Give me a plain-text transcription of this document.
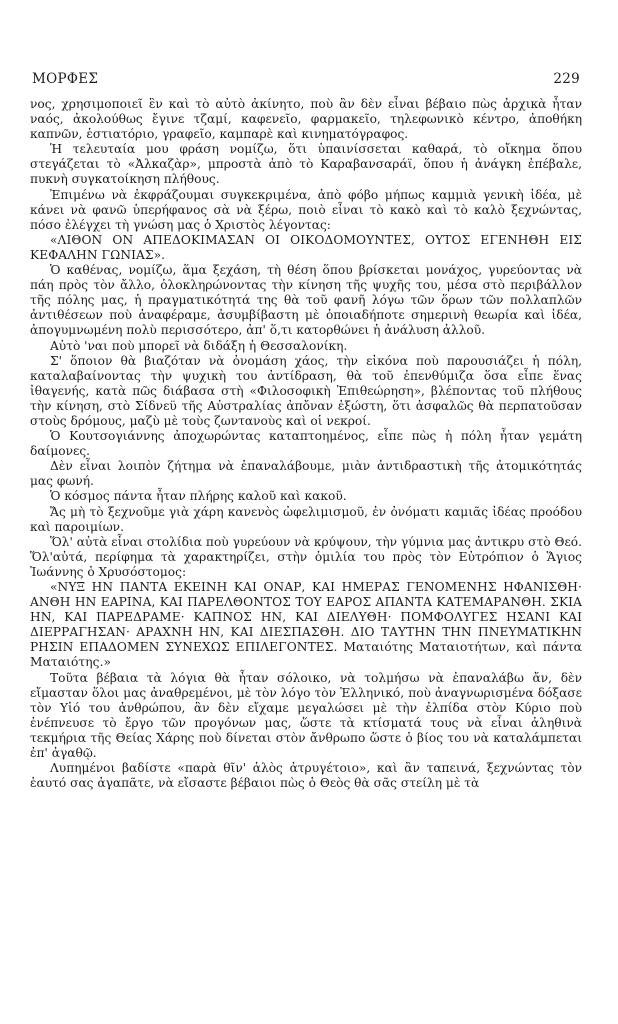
ΜΟΡΦΕΣ	229

νος, χρησιμοποιεῖ ἓν καὶ τὸ αὐτὸ ἀκίνητο, ποὺ ἂν δὲν εἶναι βέβαιο πὼς ἀρχικὰ ἦταν ναός, ἀκολούθως ἔγινε τζαμί, καφενεῖο, φαρμακεῖο, τηλεφωνικὸ κέντρο, ἀποθήκη καπνῶν, ἑστιατόριο, γραφεῖο, καμπαρὲ καὶ κινηματόγραφος.

Ἡ τελευταία μου φράση νομίζω, ὅτι ὑπαινίσσεται καθαρά, τὸ οἴκημα ὅπου στεγάζεται τὸ «Ἀλκαζὰρ», μπροστὰ ἀπὸ τὸ Καραβανσαράϊ, ὅπου ἡ ἀνάγκη ἐπέβαλε, πυκνὴ συγκατοίκηση πλήθους.

Ἐπιμένω νὰ ἐκφράζουμαι συγκεκριμένα, ἀπὸ φόβο μήπως καμμιὰ γενικὴ ἰδέα, μὲ κάνει νὰ φανῶ ὑπερήφανος σὰ νὰ ξέρω, ποιὸ εἶναι τὸ κακὸ καὶ τὸ καλὸ ξεχνώντας, πόσο ἐλέγχει τὴ γνώση μας ὁ Χριστὸς λέγοντας:

«ΛΙΘΟΝ ΟΝ ΑΠΕΔΟΚΙΜΑΣΑΝ ΟΙ ΟΙΚΟΔΟΜΟΥΝΤΕΣ, ΟΥΤΟΣ ΕΓΕΝΗΘΗ ΕΙΣ ΚΕΦΑΛΗΝ ΓΩΝΙΑΣ».

Ὁ καθένας, νομίζω, ἅμα ξεχάση, τὴ θέση ὅπου βρίσκεται μονάχος, γυρεύοντας νὰ πάη πρὸς τὸν ἄλλο, ὁλοκληρώνοντας τὴν κίνηση τῆς ψυχῆς του, μέσα στὸ περιβάλλον τῆς πόλης μας, ἡ πραγματικότητά της θὰ τοῦ φανῆ λόγω τῶν ὅρων τῶν πολλαπλῶν ἀντιθέσεων ποὺ ἀναφέραμε, ἀσυμβίβαστη μὲ ὁποιαδήποτε σημερινὴ θεωρία καὶ ἰδέα, ἀπογυμνωμένη πολὺ περισσότερο, ἀπ' ὅ,τι κατορθώνει ἡ ἀνάλυση ἀλλοῦ.

Αὐτὸ 'ναι ποὺ μπορεῖ νὰ διδάξη ἡ Θεσσαλονίκη.

Σ' ὅποιον θὰ βιαζόταν νὰ ὀνομάση χάος, τὴν εἰκόνα ποὺ παρουσιάζει ἡ πόλη, καταλαβαίνοντας τὴν ψυχικὴ του ἀντίδραση, θὰ τοῦ ἐπενθύμιζα ὅσα εἶπε ἕνας ἰθαγενής, κατὰ πῶς διάβασα στὴ «Φιλοσοφικὴ Ἐπιθεώρηση», βλέποντας τοῦ πλήθους τὴν κίνηση, στὸ Σίδνεϋ τῆς Αὐστραλίας ἀπὄναν ἐξώστη, ὅτι ἀσφαλῶς θὰ περπατοῦσαν στοὺς δρόμους, μαζὺ μὲ τοὺς ζωντανοὺς καὶ οἱ νεκροί.

Ὁ Κουτσογιάννης ἀποχωρώντας καταπτοημένος, εἶπε πὼς ἡ πόλη ἦταν γεμάτη δαίμονες.

Δὲν εἶναι λοιπὸν ζήτημα νὰ ἐπαναλάβουμε, μιὰν ἀντιδραστικὴ τῆς ἀτομικότητάς μας φωνή.

Ὁ κόσμος πάντα ἦταν πλήρης καλοῦ καὶ κακοῦ.

Ἄς μὴ τὸ ξεχνοῦμε γιὰ χάρη κανενὸς ὠφελιμισμοῦ, ἐν ὀνόματι καμιᾶς ἰδέας προόδου καὶ παροιμίων.

Ὅλ' αὐτὰ εἶναι στολίδια ποὺ γυρεύουν νὰ κρύψουν, τὴν γύμνια μας ἀντικρυ στὸ Θεό. Ὅλ'αὐτά, περίφημα τὰ χαρακτηρίζει, στὴν ὁμιλία του πρὸς τὸν Εὐτρόπιον ὁ Ἅγιος Ἰωάννης ὁ Χρυσόστομος:

«ΝΥΞ ΗΝ ΠΑΝΤΑ ΕΚΕΙΝΗ ΚΑΙ ΟΝΑΡ, ΚΑΙ ΗΜΕΡΑΣ ΓΕΝΟΜΕΝΗΣ ΗΦΑΝΙΣΘΗ· ΑΝΘΗ ΗΝ ΕΑΡΙΝΑ, ΚΑΙ ΠΑΡΕΛΘΟΝΤΟΣ ΤΟΥ ΕΑΡΟΣ ΑΠΑΝΤΑ ΚΑΤΕΜΑΡΑΝΘΗ. ΣΚΙΑ ΗΝ, ΚΑΙ ΠΑΡΕΔΡΑΜΕ· ΚΑΠΝΟΣ ΗΝ, ΚΑΙ ΔΙΕΛΥΘΗ· ΠΟΜΦΟΛΥΓΕΣ ΗΣΑΝΙ ΚΑΙ ΔΙΕΡΡΑΓΗΣΑΝ· ΑΡΑΧΝΗ ΗΝ, ΚΑΙ ΔΙΕΣΠΑΣΘΗ. ΔΙΟ ΤΑΥΤΗΝ ΤΗΝ ΠΝΕΥΜΑΤΙΚΗΝ ΡΗΣΙΝ ΕΠΑΔΟΜΕΝ ΣΥΝΕΧΩΣ ΕΠΙΛΕΓΟΝΤΕΣ. Ματαιότης Ματαιοτήτων, καὶ πάντα Ματαιότης.»

Τοῦτα βέβαια τὰ λόγια θὰ ἦταν σόλοικο, νὰ τολμήσω νὰ ἐπαναλάβω ἄν, δὲν εἴμασταν ὅλοι μας ἀναθρεμένοι, μὲ τὸν λόγο τὸν Ἑλληνικό, ποὺ ἀναγνωρισμένα δόξασε τὸν Υἱό του ἀνθρώπου, ἂν δὲν εἴχαμε μεγαλώσει μὲ τὴν ἐλπίδα στὸν Κύριο ποὺ ἐνέπνευσε τὸ ἔργο τῶν προγόνων μας, ὥστε τὰ κτίσματά τους νὰ εἶναι ἀληθινὰ τεκμήρια τῆς Θείας Χάρης ποὺ δίνεται στὸν ἄνθρωπο ὥστε ὁ βίος του νὰ καταλάμπεται ἐπ' ἀγαθῷ.

Λυπημένοι βαδίστε «παρὰ θῖν' ἁλὸς ἀτρυγέτοιο», καὶ ἂν ταπεινά, ξεχνώντας τὸν ἑαυτό σας ἀγαπᾶτε, νὰ εἴσαστε βέβαιοι πὼς ὁ Θεὸς θὰ σᾶς στείλη μὲ τὰ
